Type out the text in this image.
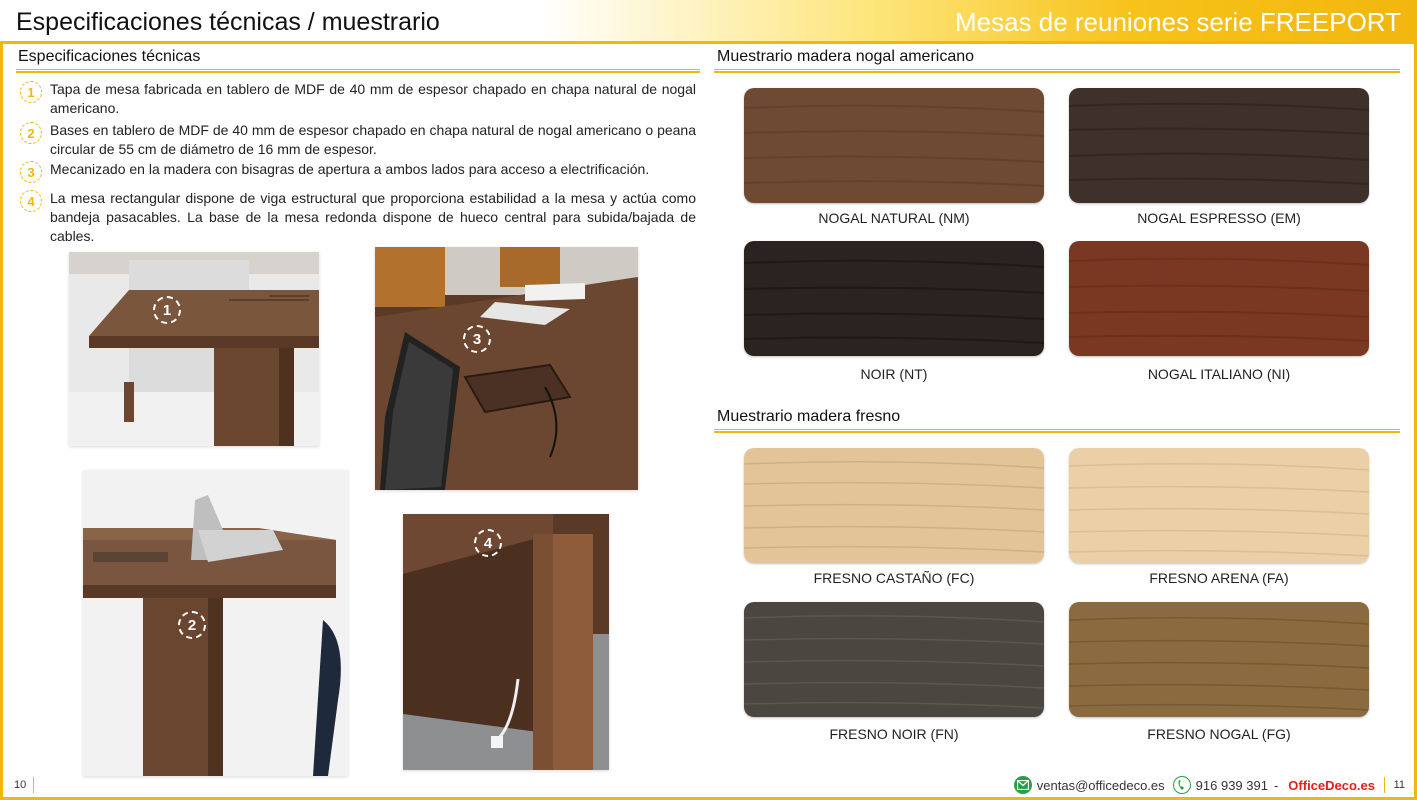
Especificaciones técnicas / muestrario	Mesas de reuniones serie FREEPORT
Especificaciones técnicas
1	Tapa de mesa fabricada en tablero de MDF de 40 mm de espesor chapado en chapa natural de nogal americano.
2	Bases en tablero de MDF de 40 mm de espesor chapado en chapa natural de nogal americano o peana circular de 55 cm de diámetro de 16 mm de espesor.
3	Mecanizado en la madera con bisagras de apertura a ambos lados para acceso a electrificación.
4	La mesa rectangular dispone de viga estructural que proporciona estabilidad a la mesa y actúa como bandeja pasacables. La base de la mesa redonda dispone de hueco central para subida/bajada de cables.
1
3
2
4
Muestrario madera nogal americano
NOGAL NATURAL (NM)	NOGAL ESPRESSO (EM)
NOIR (NT)	NOGAL ITALIANO (NI)
Muestrario madera fresno
FRESNO CASTAÑO (FC)	FRESNO ARENA (FA)
FRESNO NOIR (FN)	FRESNO NOGAL (FG)
10	ventas@officedeco.es 916 939 391 - OfficeDeco.es 11
